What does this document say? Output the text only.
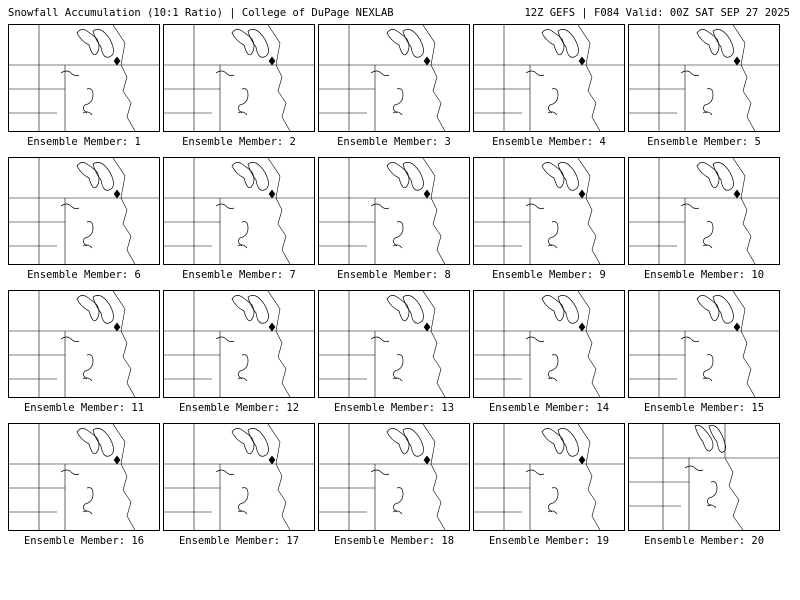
Snowfall Accumulation (10:1 Ratio) | College of DuPage NEXLAB	12Z GEFS | F084 Valid: 00Z SAT SEP 27 2025
Ensemble Member: 1	Ensemble Member: 2	Ensemble Member: 3	Ensemble Member: 4	Ensemble Member: 5
Ensemble Member: 6	Ensemble Member: 7	Ensemble Member: 8	Ensemble Member: 9	Ensemble Member: 10
Ensemble Member: 11	Ensemble Member: 12	Ensemble Member: 13	Ensemble Member: 14	Ensemble Member: 15
Ensemble Member: 16	Ensemble Member: 17	Ensemble Member: 18	Ensemble Member: 19	Ensemble Member: 20
